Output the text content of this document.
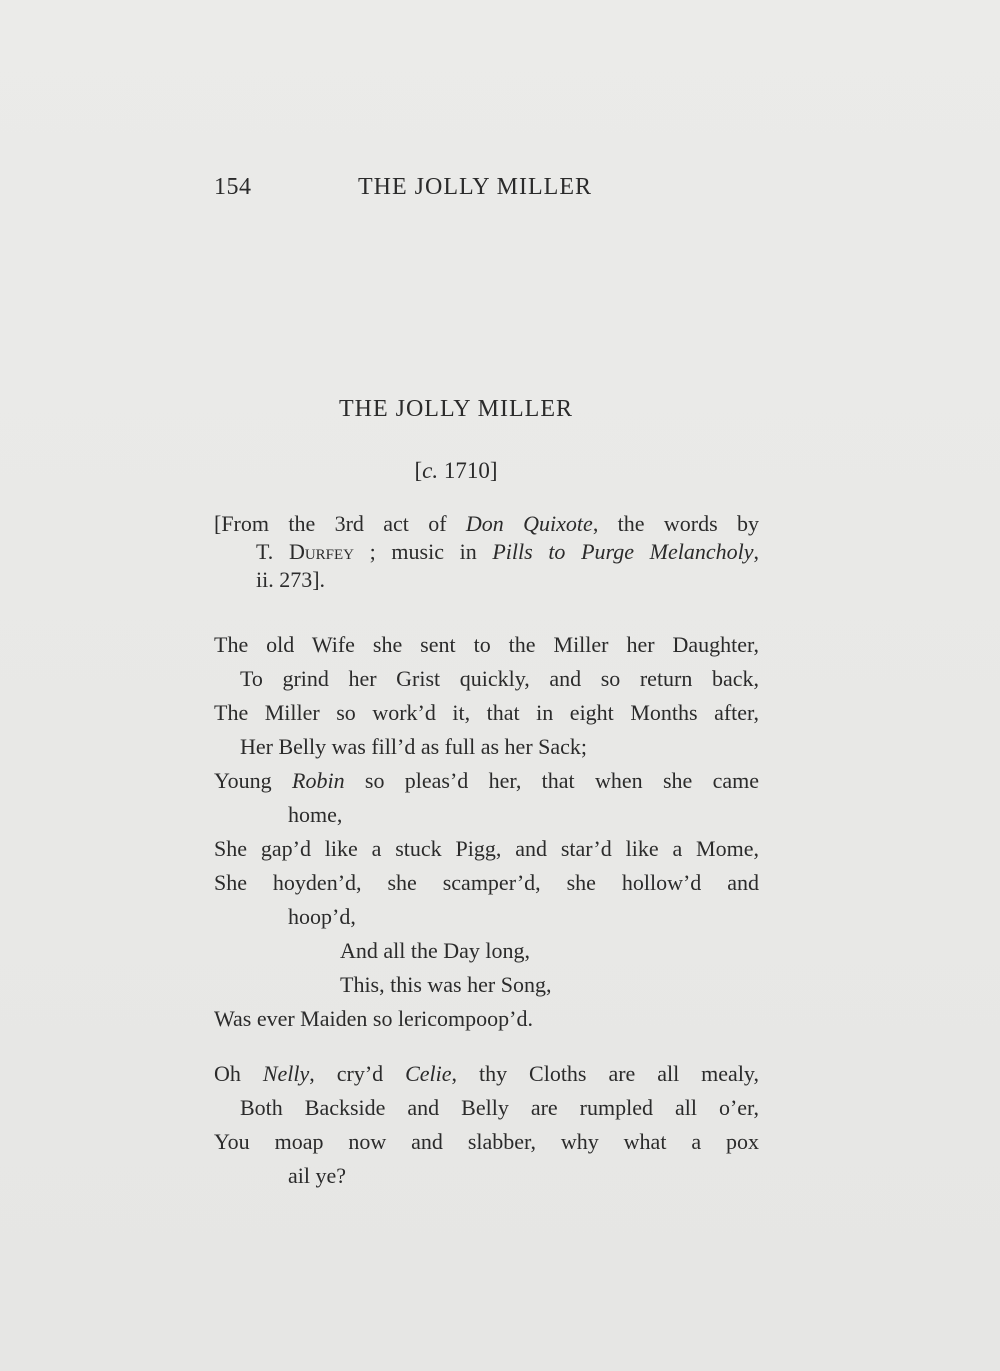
154	THE JOLLY MILLER
THE JOLLY MILLER
[c. 1710]
[From the 3rd act of Don Quixote, the words by
T. Durfey ; music in Pills to Purge Melancholy,
ii. 273].
The old Wife she sent to the Miller her Daughter,
To grind her Grist quickly, and so return back,
The Miller so work’d it, that in eight Months after,
Her Belly was fill’d as full as her Sack;
Young Robin so pleas’d her, that when she came
home,
She gap’d like a stuck Pigg, and star’d like a Mome,
She hoyden’d, she scamper’d, she hollow’d and
hoop’d,
And all the Day long,
This, this was her Song,
Was ever Maiden so lericompoop’d.
Oh Nelly, cry’d Celie, thy Cloths are all mealy,
Both Backside and Belly are rumpled all o’er,
You moap now and slabber, why what a pox
ail ye?
